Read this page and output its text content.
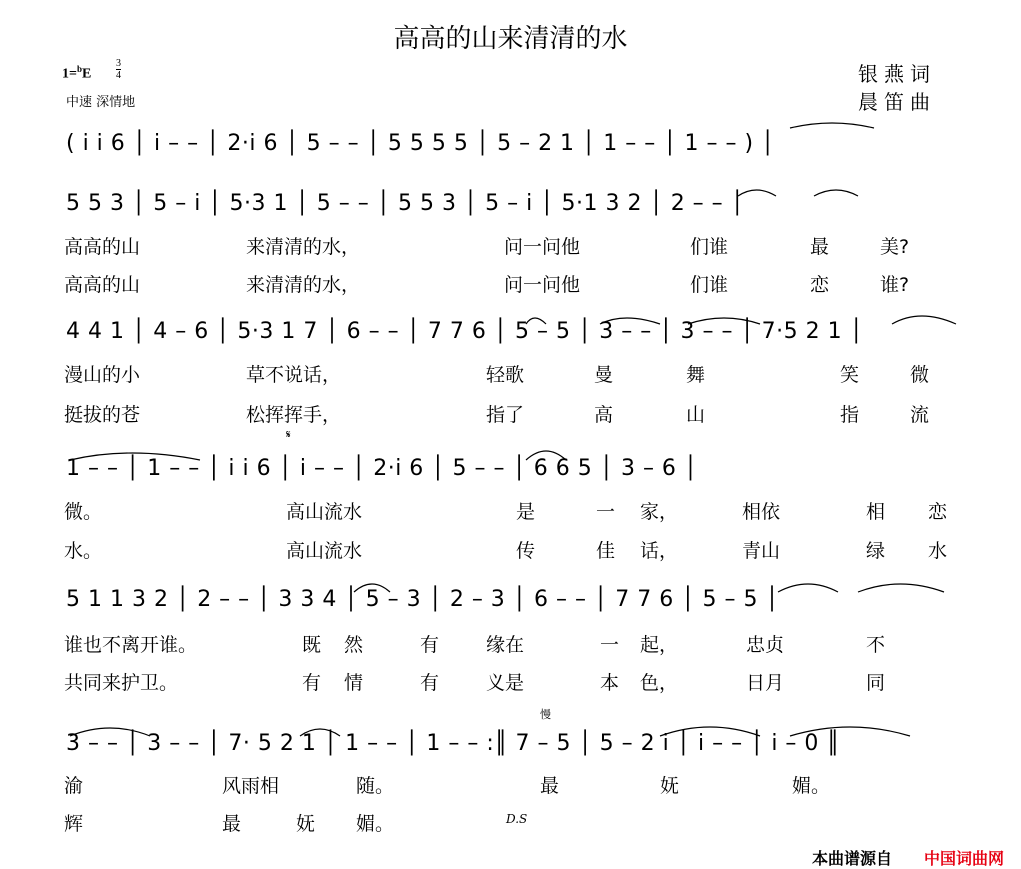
高高的山来清清的水
1=$^b$E
3
4
中速 深情地
银燕词
晨笛曲
( i i 6 │ i – – │ 2·i 6 │ 5 – – │ 5 5 5 5 │ 5 – 2 1 │ 1 – – │ 1 – – ) │
5 5 3 │ 5 – i │ 5·3 1 │ 5 – – │ 5 5 3 │ 5 – i │ 5·1 3 2 │ 2 – – │
高高的山	来清清的水，	问一问他	们谁	最	美?
高高的山	来清清的水，	问一问他	们谁	恋	谁?
4 4 1 │ 4 – 6 │ 5·3 1 7 │ 6 – – │ 7 7 6 │ 5 – 5 │ 3 – – │ 3 – – │ 7·5 2 1 │
漫山的小	草不说话，	轻歌	曼	舞	笑	微
挺拔的苍	松挥挥手，	指了	高	山	指	流
𝄋
1 – – │ 1 – – │ i i 6 │ i – – │ 2·i 6 │ 5 – – │ 6 6 5 │ 3 – 6 │
微。	高山流水	是	一 家，	相依	相 恋
水。	高山流水	传	佳 话，	青山	绿 水
5 1 1 3 2 │ 2 – – │ 3 3 4 │ 5 – 3 │ 2 – 3 │ 6 – – │ 7 7 6 │ 5 – 5 │
谁也不离开谁。	既 然	有 缘在	一 起，	忠贞	不
共同来护卫。	有 情	有 义是	本 色，	日月	同
慢
3 – – │ 3 – – │ 7· 5 2 1 │ 1 – – │ 1 – – :║ 7 – 5 │ 5 – 2 i │ i – – │ i – 0 ║
渝	风雨相	随。	最	妩	媚。
辉	最	妩 媚。	D.S
本曲谱源自 中国词曲网
